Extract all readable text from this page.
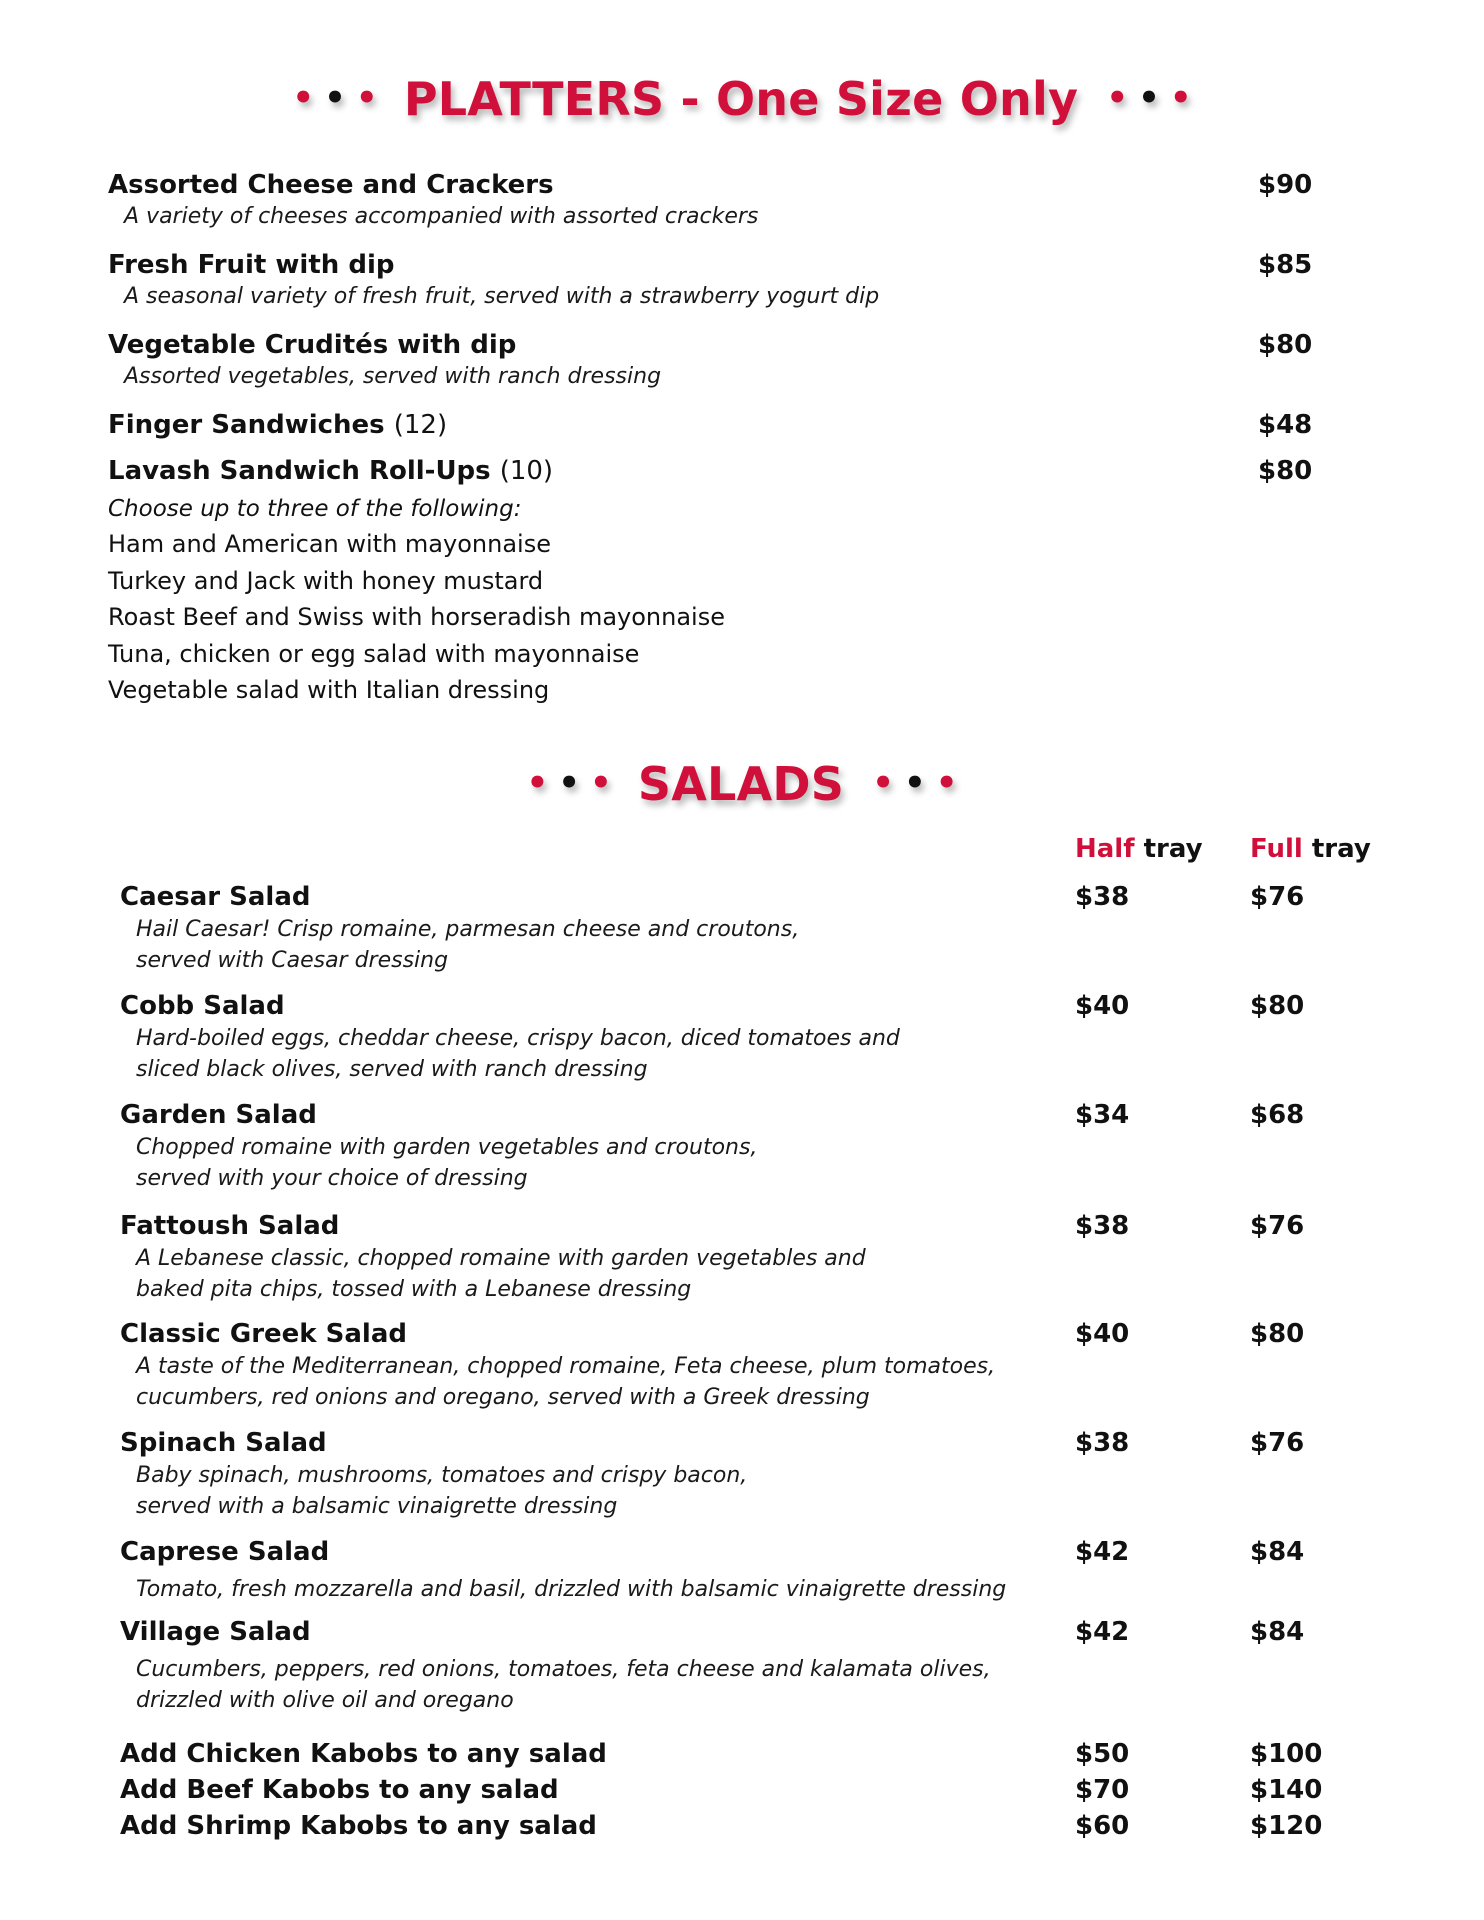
••• PLATTERS - One Size Only • • •
Assorted Cheese and Crackers	$90
A variety of cheeses accompanied with assorted crackers
Fresh Fruit with dip	$85
A seasonal variety of fresh fruit, served with a strawberry yogurt dip
Vegetable Crudités with dip	$80
Assorted vegetables, served with ranch dressing
Finger Sandwiches (12)	$48
Lavash Sandwich Roll-Ups (10)	$80
Choose up to three of the following:
Ham and American with mayonnaise
Turkey and Jack with honey mustard
Roast Beef and Swiss with horseradish mayonnaise
Tuna, chicken or egg salad with mayonnaise
Vegetable salad with Italian dressing
••• SALADS • • •
Half tray Full tray
Caesar Salad	$38	$76
Hail Caesar! Crisp romaine, parmesan cheese and croutons,
served with Caesar dressing
Cobb Salad	$40	$80
Hard-boiled eggs, cheddar cheese, crispy bacon, diced tomatoes and
sliced black olives, served with ranch dressing
Garden Salad	$34	$68
Chopped romaine with garden vegetables and croutons,
served with your choice of dressing
Fattoush Salad	$38	$76
A Lebanese classic, chopped romaine with garden vegetables and
baked pita chips, tossed with a Lebanese dressing
Classic Greek Salad	$40	$80
A taste of the Mediterranean, chopped romaine, Feta cheese, plum tomatoes,
cucumbers, red onions and oregano, served with a Greek dressing
Spinach Salad	$38	$76
Baby spinach, mushrooms, tomatoes and crispy bacon,
served with a balsamic vinaigrette dressing
Caprese Salad	$42	$84
Tomato, fresh mozzarella and basil, drizzled with balsamic vinaigrette dressing
Village Salad	$42	$84
Cucumbers, peppers, red onions, tomatoes, feta cheese and kalamata olives,
drizzled with olive oil and oregano
Add Chicken Kabobs to any salad	$50	$100
Add Beef Kabobs to any salad	$70	$140
Add Shrimp Kabobs to any salad	$60	$120
